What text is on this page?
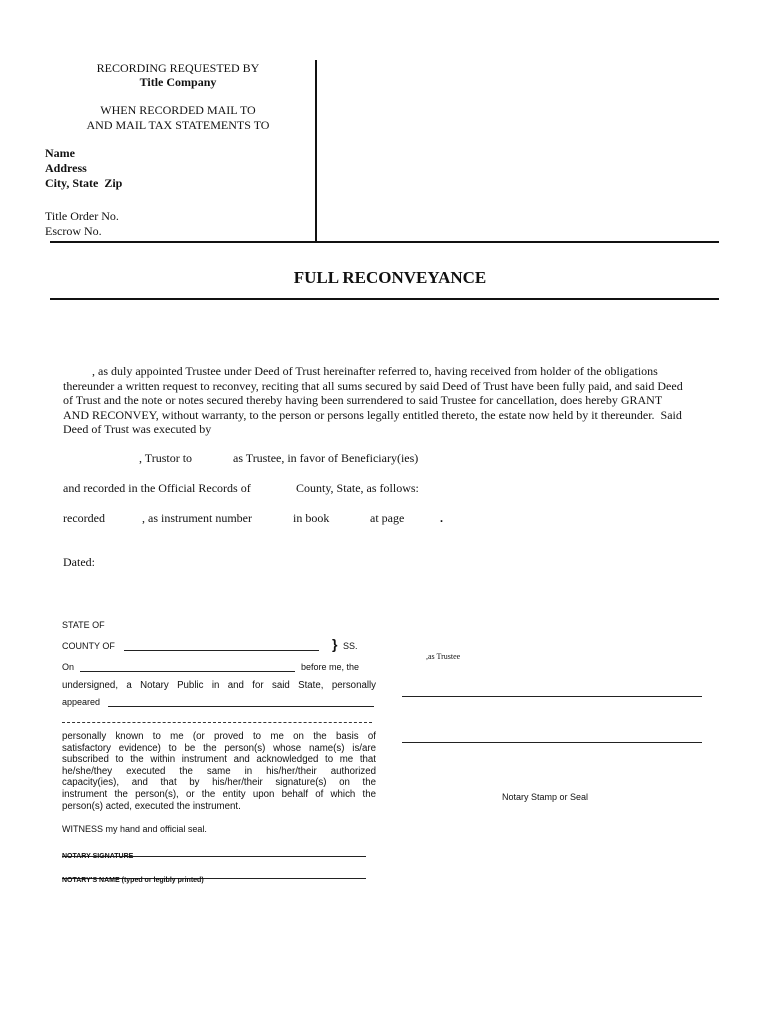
RECORDING REQUESTED BY
Title Company
WHEN RECORDED MAIL TO
AND MAIL TAX STATEMENTS TO
Name
Address
City, State  Zip
Title Order No.
Escrow No.
FULL RECONVEYANCE
, as duly appointed Trustee under Deed of Trust hereinafter referred to, having received from holder of the obligations
thereunder a written request to reconvey, reciting that all sums secured by said Deed of Trust have been fully paid, and said Deed
of Trust and the note or notes secured thereby having been surrendered to said Trustee for cancellation, does hereby GRANT
AND RECONVEY, without warranty, to the person or persons legally entitled thereto, the estate now held by it thereunder.  Said
Deed of Trust was executed by
, Trustor to	as Trustee, in favor of Beneficiary(ies)
and recorded in the Official Records of	County, State, as follows:
recorded	, as instrument number	in book	at page	.
Dated:
STATE OF
COUNTY OF	} SS.
On	before me, the
undersigned, a Notary Public in and for said State, personally
appeared
personally known to me (or proved to me on the basis of
satisfactory evidence) to be the person(s) whose name(s) is/are
subscribed to the within instrument and acknowledged to me that
he/she/they executed the same in his/her/their authorized
capacity(ies), and that by his/her/their signature(s) on the
instrument the person(s), or the entity upon behalf of which the
person(s) acted, executed the instrument.
WITNESS my hand and official seal.
NOTARY SIGNATURE
NOTARY'S NAME (typed or legibly printed)
,as Trustee
Notary Stamp or Seal
